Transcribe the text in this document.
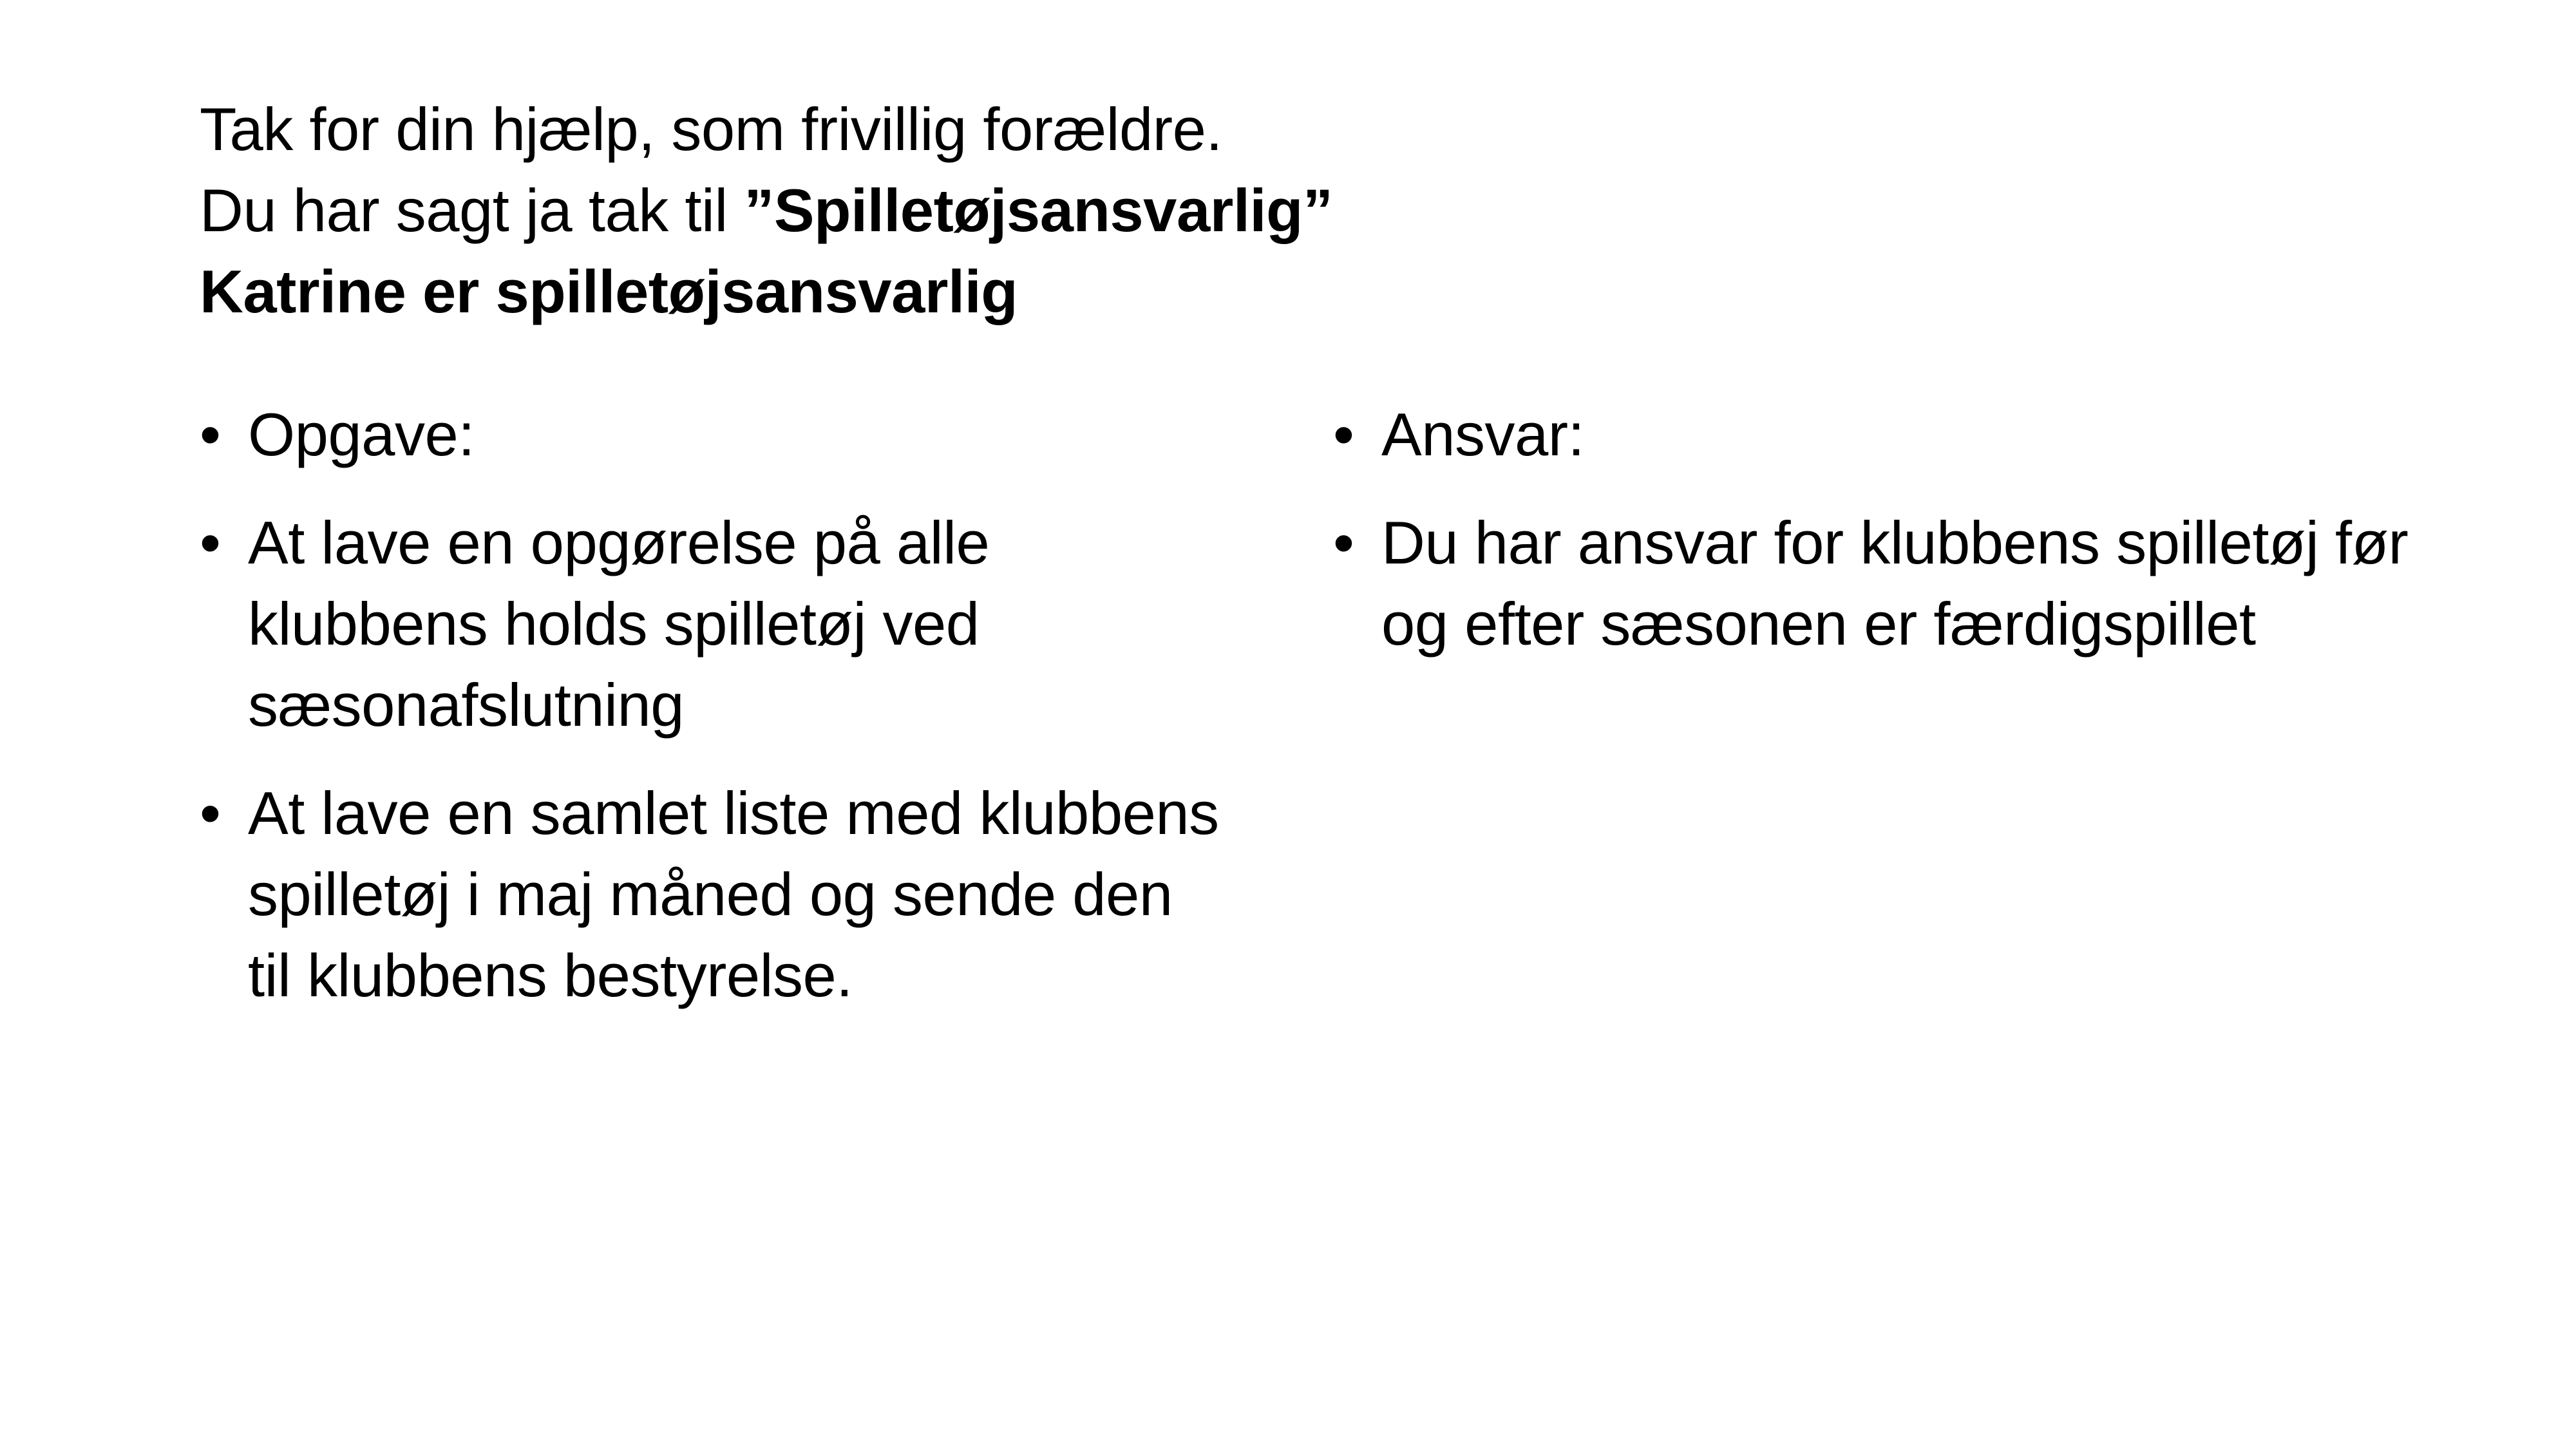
Tak for din hjælp, som frivillig forældre.
Du har sagt ja tak til ”Spilletøjsansvarlig”
Katrine er spilletøjsansvarlig
• Opgave:
• At lave en opgørelse på alle klubbens holds spilletøj ved sæsonafslutning
• At lave en samlet liste med klubbens spilletøj i maj måned og sende den til klubbens bestyrelse.
• Ansvar:
• Du har ansvar for klubbens spilletøj før og efter sæsonen er færdigspillet
